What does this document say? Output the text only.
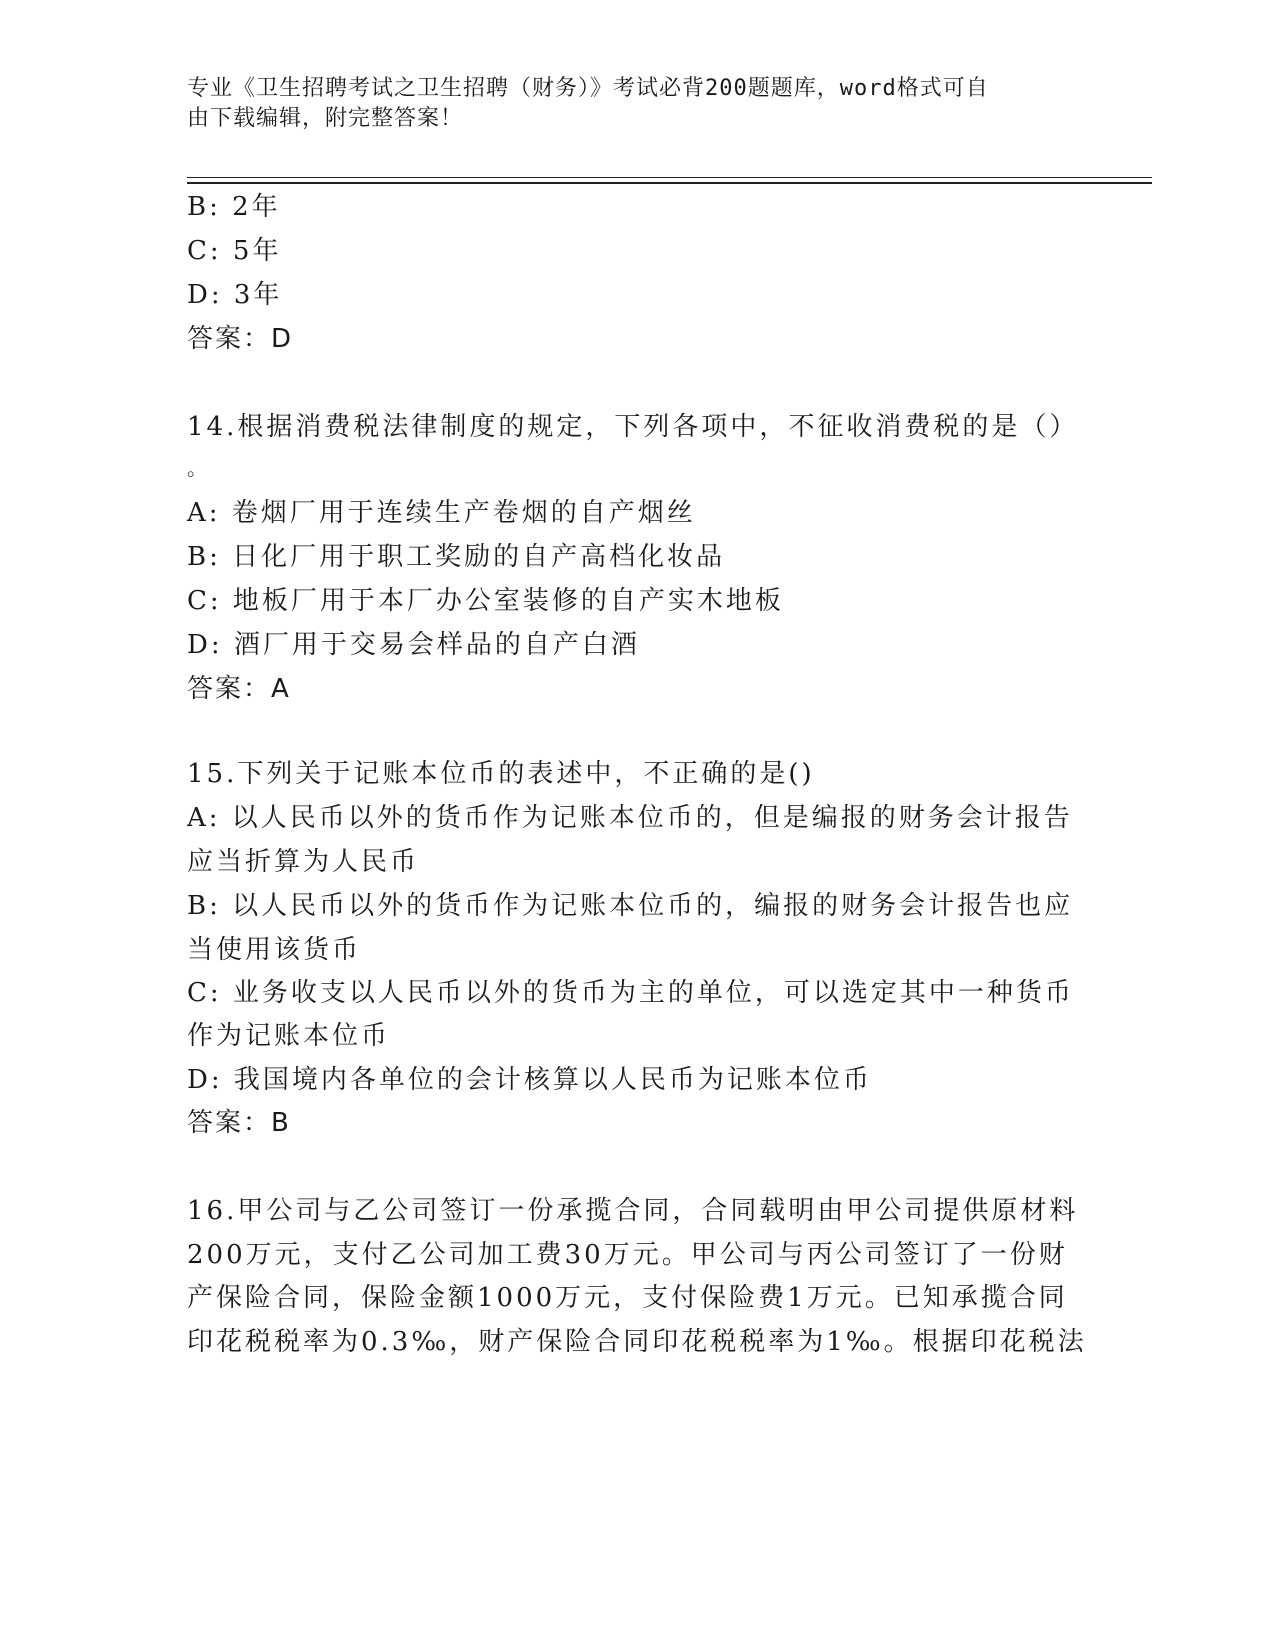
专业《卫生招聘考试之卫生招聘（财务）》考试必背200题题库，word格式可自
由下载编辑，附完整答案！
B: 2年
C: 5年
D: 3年
答案：D
14.根据消费税法律制度的规定，下列各项中，不征收消费税的是（）
。
A: 卷烟厂用于连续生产卷烟的自产烟丝
B: 日化厂用于职工奖励的自产高档化妆品
C: 地板厂用于本厂办公室装修的自产实木地板
D: 酒厂用于交易会样品的自产白酒
答案：A
15.下列关于记账本位币的表述中，不正确的是()
A: 以人民币以外的货币作为记账本位币的，但是编报的财务会计报告
应当折算为人民币
B: 以人民币以外的货币作为记账本位币的，编报的财务会计报告也应
当使用该货币
C: 业务收支以人民币以外的货币为主的单位，可以选定其中一种货币
作为记账本位币
D: 我国境内各单位的会计核算以人民币为记账本位币
答案：B
16.甲公司与乙公司签订一份承揽合同，合同载明由甲公司提供原材料
200万元，支付乙公司加工费30万元。甲公司与丙公司签订了一份财
产保险合同，保险金额1000万元，支付保险费1万元。已知承揽合同
印花税税率为0.3‰，财产保险合同印花税税率为1‰。根据印花税法
